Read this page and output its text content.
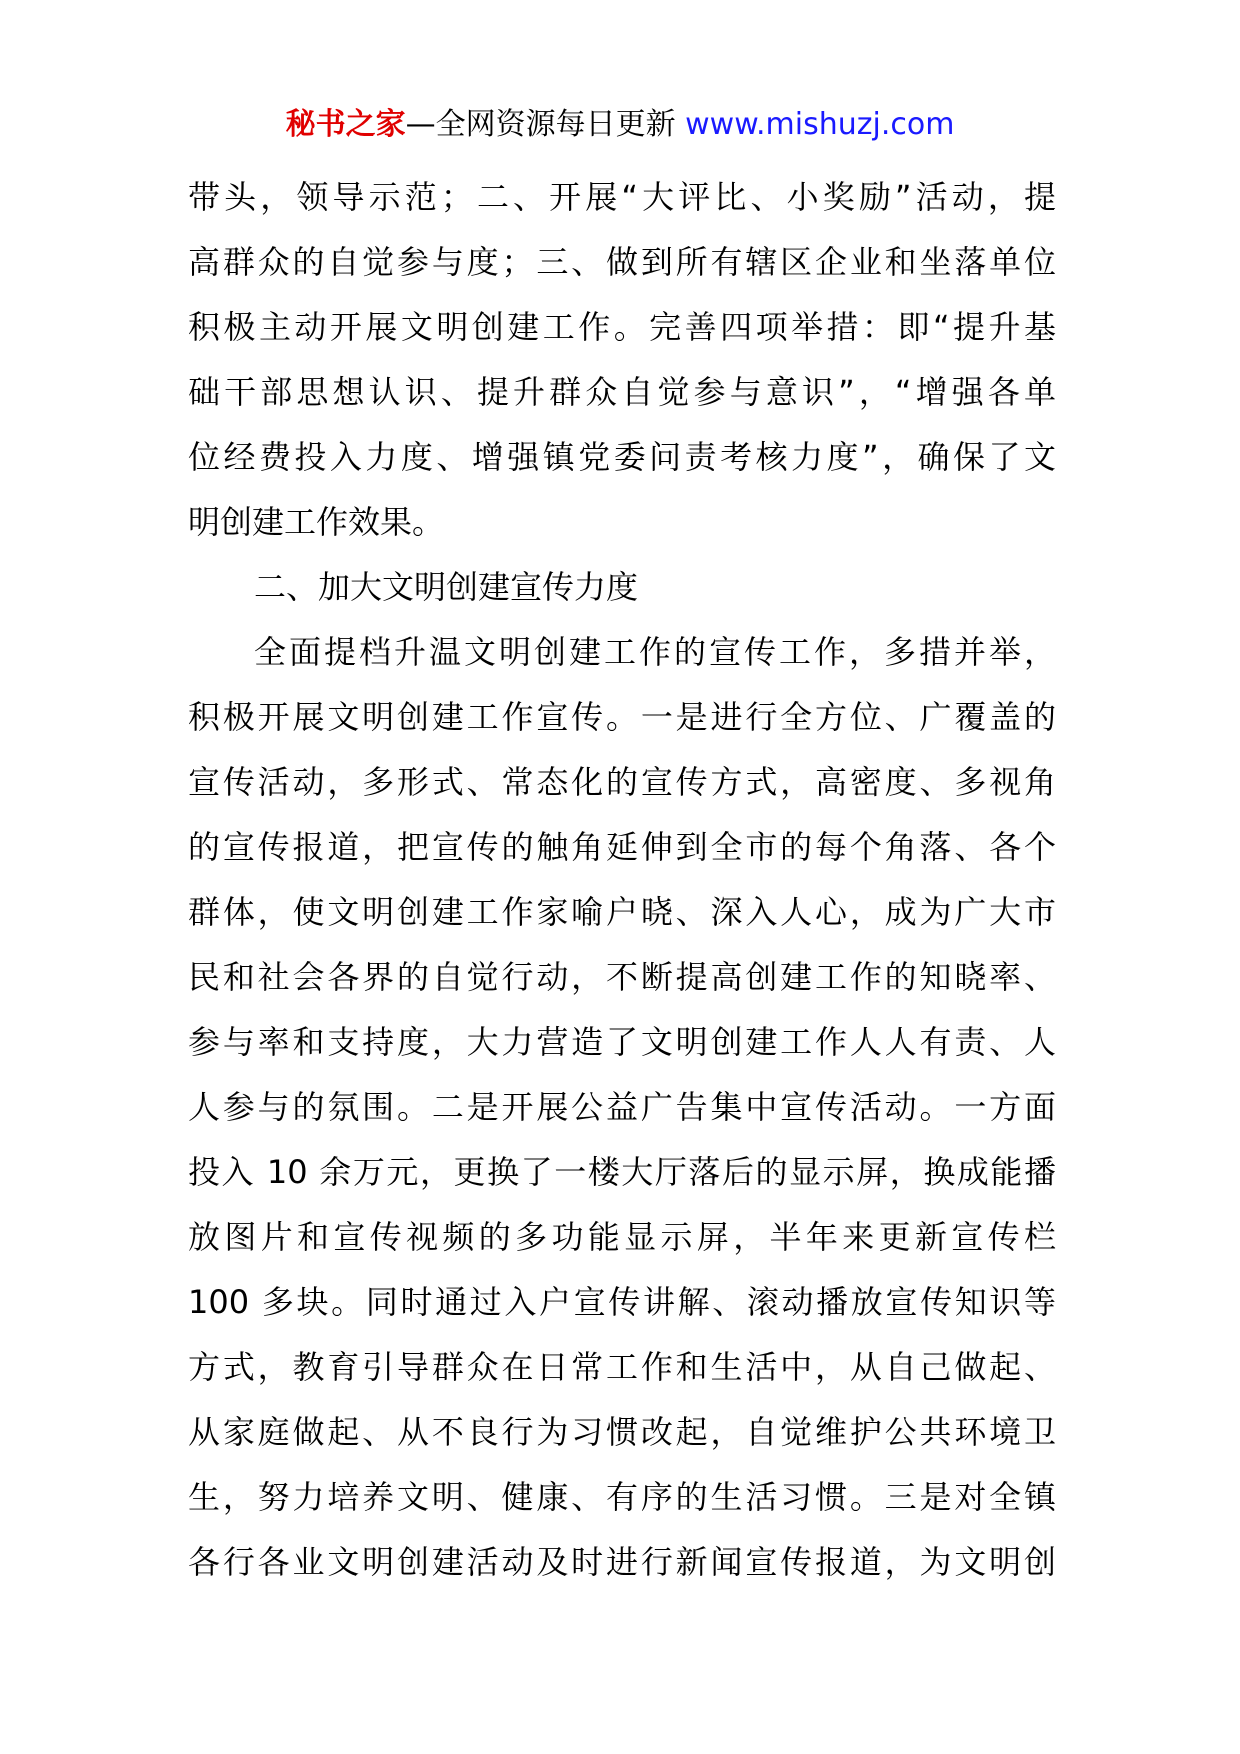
秘书之家—全网资源每日更新 www.mishuzj.com
带头，领导示范；二、开展“大评比、小奖励”活动，提
高群众的自觉参与度；三、做到所有辖区企业和坐落单位
积极主动开展文明创建工作。完善四项举措：即“提升基
础干部思想认识、提升群众自觉参与意识”，“增强各单
位经费投入力度、增强镇党委问责考核力度”，确保了文
明创建工作效果。
二、加大文明创建宣传力度
全面提档升温文明创建工作的宣传工作，多措并举，
积极开展文明创建工作宣传。一是进行全方位、广覆盖的
宣传活动，多形式、常态化的宣传方式，高密度、多视角
的宣传报道，把宣传的触角延伸到全市的每个角落、各个
群体，使文明创建工作家喻户晓、深入人心，成为广大市
民和社会各界的自觉行动，不断提高创建工作的知晓率、
参与率和支持度，大力营造了文明创建工作人人有责、人
人参与的氛围。二是开展公益广告集中宣传活动。一方面
投入 10 余万元，更换了一楼大厅落后的显示屏，换成能播
放图片和宣传视频的多功能显示屏，半年来更新宣传栏
100 多块。同时通过入户宣传讲解、滚动播放宣传知识等
方式，教育引导群众在日常工作和生活中，从自己做起、
从家庭做起、从不良行为习惯改起，自觉维护公共环境卫
生，努力培养文明、健康、有序的生活习惯。三是对全镇
各行各业文明创建活动及时进行新闻宣传报道，为文明创
